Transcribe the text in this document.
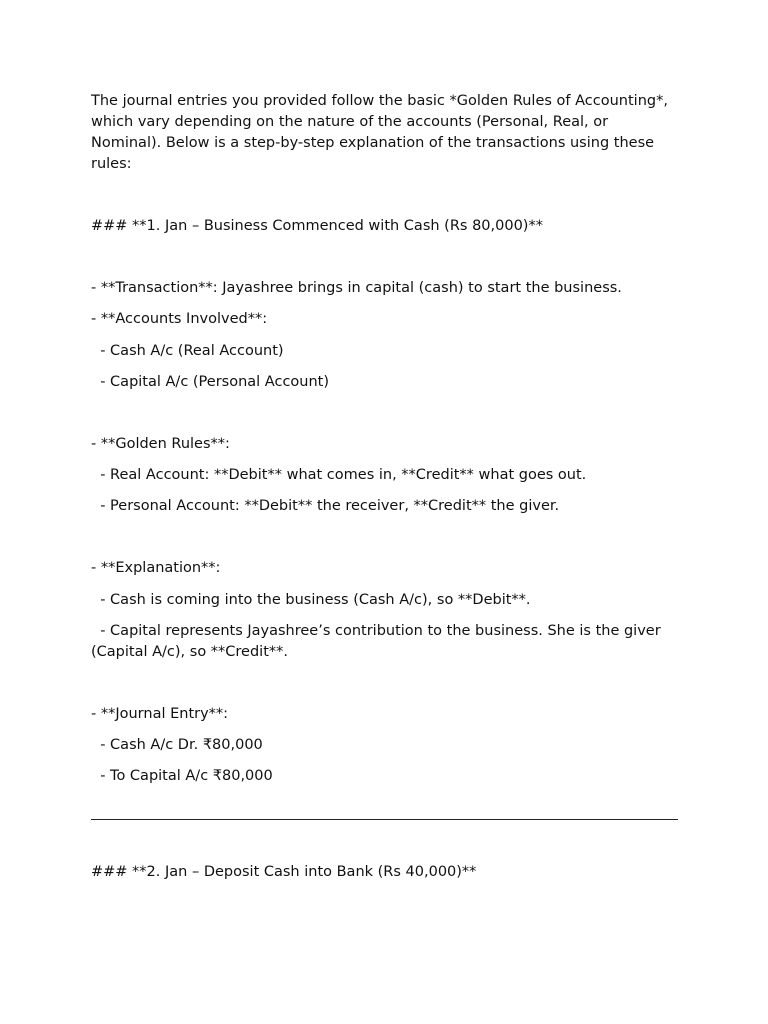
The journal entries you provided follow the basic *Golden Rules of Accounting*, which vary depending on the nature of the accounts (Personal, Real, or Nominal). Below is a step-by-step explanation of the transactions using these rules:
### **1. Jan – Business Commenced with Cash (Rs 80,000)**
- **Transaction**: Jayashree brings in capital (cash) to start the business.
- **Accounts Involved**:
- Cash A/c (Real Account)
- Capital A/c (Personal Account)
- **Golden Rules**:
- Real Account: **Debit** what comes in, **Credit** what goes out.
- Personal Account: **Debit** the receiver, **Credit** the giver.
- **Explanation**:
- Cash is coming into the business (Cash A/c), so **Debit**.
- Capital represents Jayashree’s contribution to the business. She is the giver (Capital A/c), so **Credit**.
- **Journal Entry**:
- Cash A/c Dr. ₹80,000
- To Capital A/c ₹80,000
### **2. Jan – Deposit Cash into Bank (Rs 40,000)**
